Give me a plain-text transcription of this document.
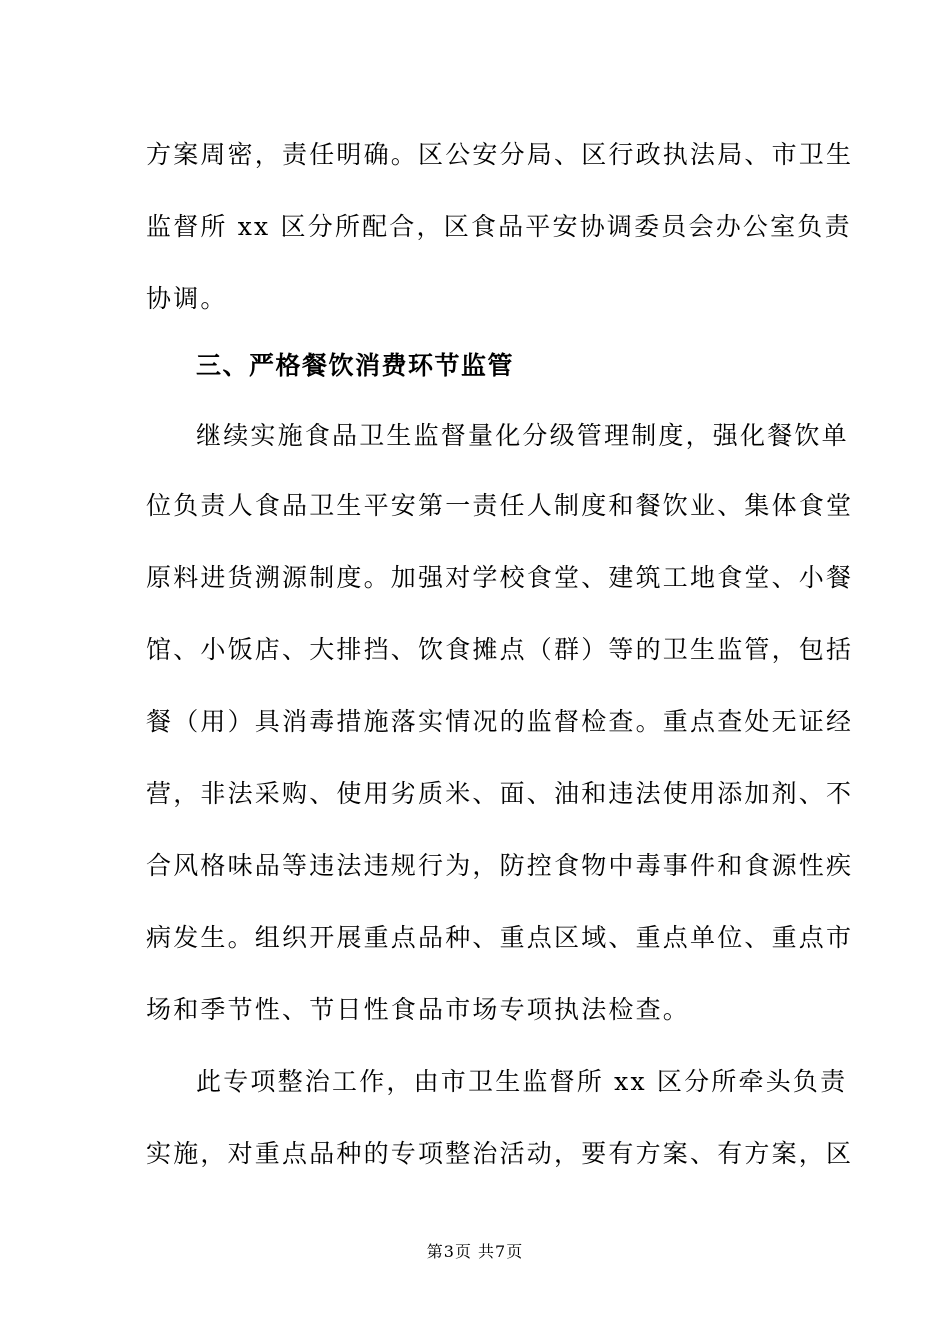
方案周密，责任明确。区公安分局、区行政执法局、市卫生
监督所 xx 区分所配合，区食品平安协调委员会办公室负责
协调。
三、严格餐饮消费环节监管
继续实施食品卫生监督量化分级管理制度，强化餐饮单
位负责人食品卫生平安第一责任人制度和餐饮业、集体食堂
原料进货溯源制度。加强对学校食堂、建筑工地食堂、小餐
馆、小饭店、大排挡、饮食摊点（群）等的卫生监管，包括
餐（用）具消毒措施落实情况的监督检查。重点查处无证经
营，非法采购、使用劣质米、面、油和违法使用添加剂、不
合风格味品等违法违规行为，防控食物中毒事件和食源性疾
病发生。组织开展重点品种、重点区域、重点单位、重点市
场和季节性、节日性食品市场专项执法检查。
此专项整治工作，由市卫生监督所 xx 区分所牵头负责
实施，对重点品种的专项整治活动，要有方案、有方案，区
第3页 共7页
